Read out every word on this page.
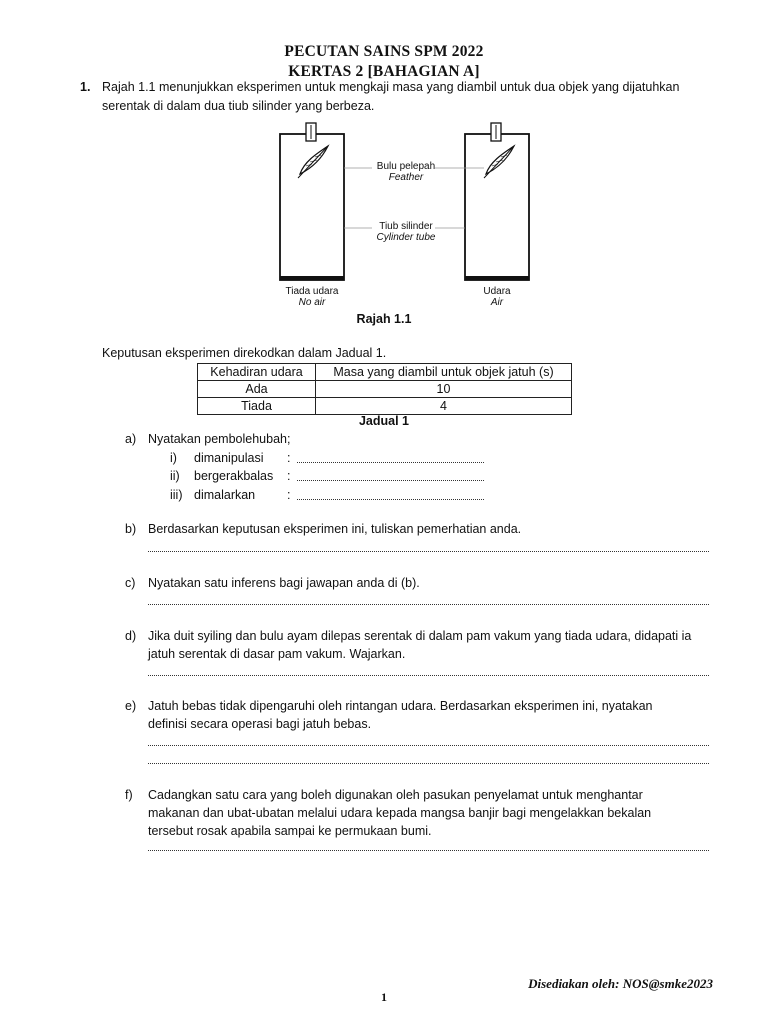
PECUTAN SAINS SPM 2022
KERTAS 2 [BAHAGIAN A]
1. Rajah 1.1 menunjukkan eksperimen untuk mengkaji masa yang diambil untuk dua objek yang dijatuhkan
serentak di dalam dua tiub silinder yang berbeza.
Bulu pelepah
Feather
Tiub silinder
Cylinder tube
Tiada udara
No air
Udara
Air
Rajah 1.1
Keputusan eksperimen direkodkan dalam Jadual 1.
Kehadiran udara	Masa yang diambil untuk objek jatuh (s)
Ada	10
Tiada	4
Jadual 1
a) Nyatakan pembolehubah;
i) dimanipulasi :
ii) bergerakbalas :
iii) dimalarkan	:
b) Berdasarkan keputusan eksperimen ini, tuliskan pemerhatian anda.
c) Nyatakan satu inferens bagi jawapan anda di (b).
d) Jika duit syiling dan bulu ayam dilepas serentak di dalam pam vakum yang tiada udara, didapati ia
jatuh serentak di dasar pam vakum. Wajarkan.
e) Jatuh bebas tidak dipengaruhi oleh rintangan udara. Berdasarkan eksperimen ini, nyatakan
definisi secara operasi bagi jatuh bebas.
f) Cadangkan satu cara yang boleh digunakan oleh pasukan penyelamat untuk menghantar
makanan dan ubat-ubatan melalui udara kepada mangsa banjir bagi mengelakkan bekalan
tersebut rosak apabila sampai ke permukaan bumi.
Disediakan oleh: NOS@smke2023
1
